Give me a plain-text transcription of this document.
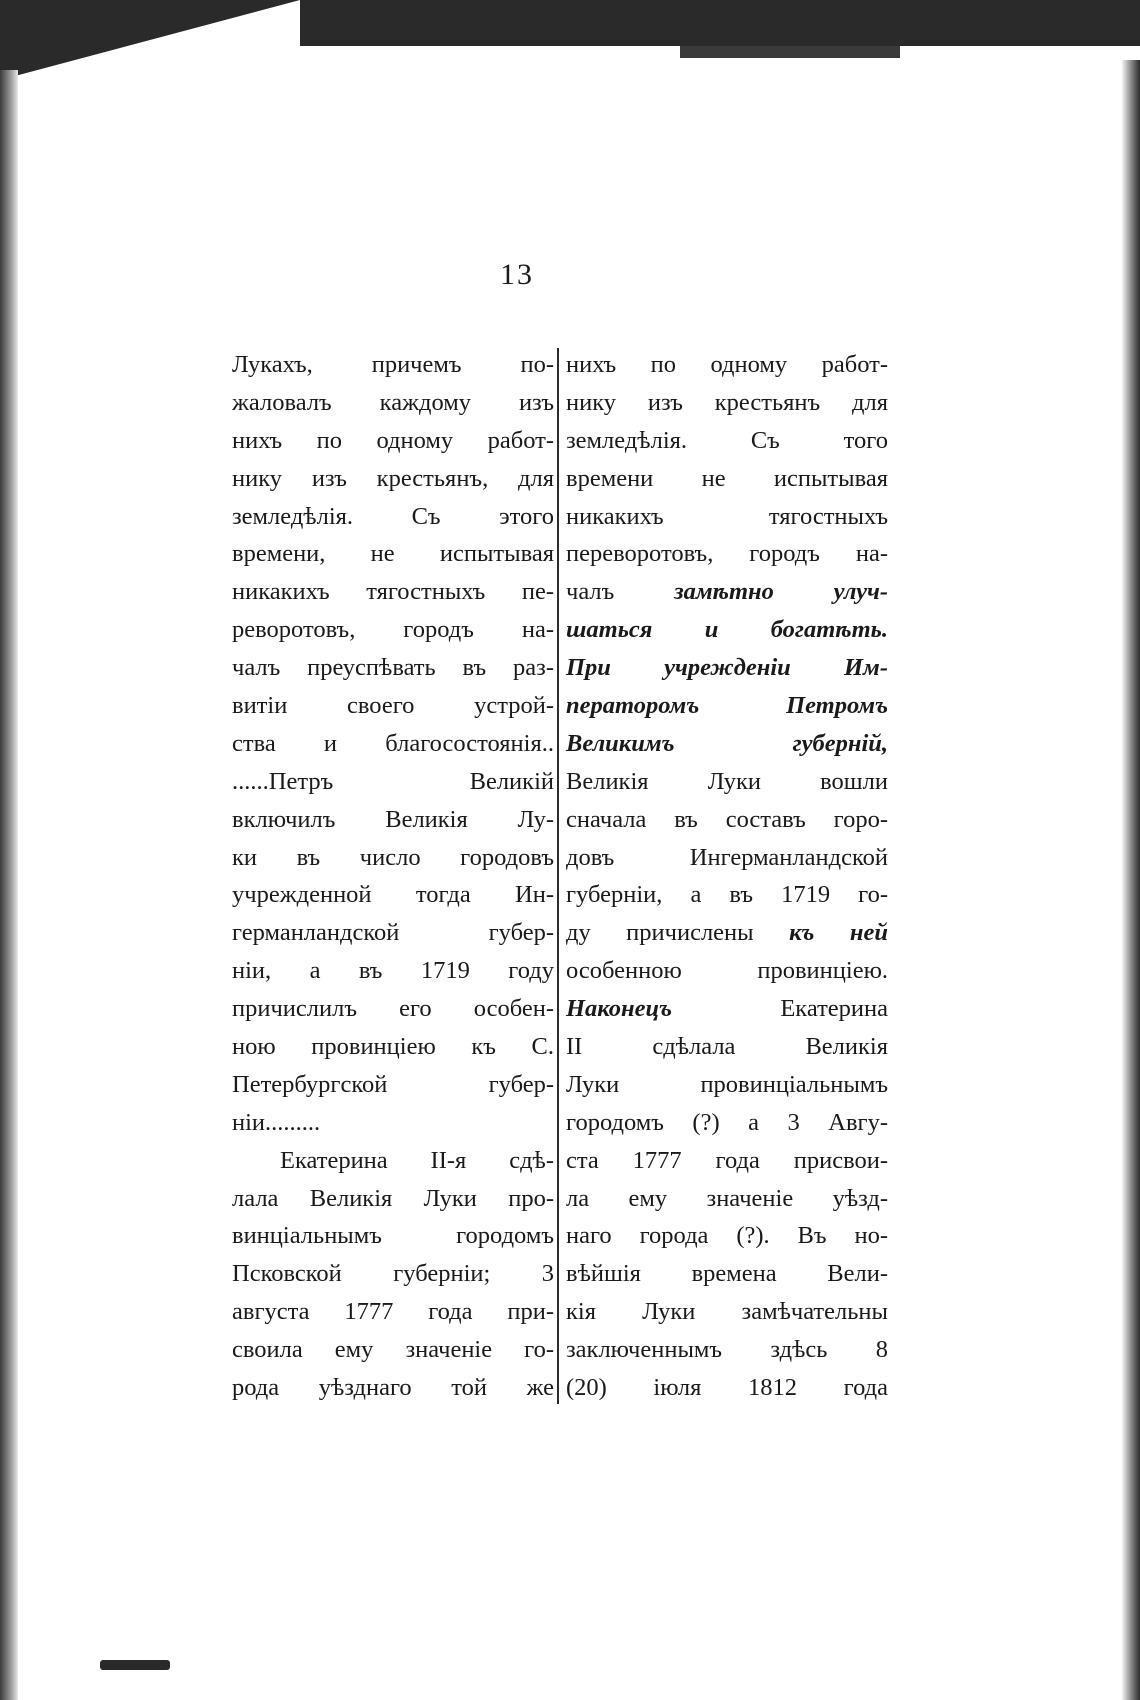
13
Лукахъ, причемъ по-
жаловалъ каждому изъ
нихъ по одному работ-
нику изъ крестьянъ, для
земледѣлія. Съ этого
времени, не испытывая
никакихъ тягостныхъ пе-
реворотовъ, городъ на-
чалъ преуспѣвать въ раз-
витіи своего устрой-
ства и благосостоянія..
......Петръ Великій
включилъ Великія Лу-
ки въ число городовъ
учрежденной тогда Ин-
германландской губер-
ніи, а въ 1719 году
причислилъ его особен-
ною провинціею къ С.
Петербургской губер-
ніи.........
Екатерина II-я сдѣ-
лала Великія Луки про-
винціальнымъ городомъ
Псковской губерніи; 3
августа 1777 года при-
своила ему значеніе го-
рода уѣзднаго той же
нихъ по одному работ-
нику изъ крестьянъ для
земледѣлія. Съ того
времени не испытывая
никакихъ тягостныхъ
переворотовъ, городъ на-
чалъ замѣтно улуч-
шаться и богатѣть.
При учрежденіи Им-
ператоромъ Петромъ
Великимъ губерній,
Великія Луки вошли
сначала въ составъ горо-
довъ Ингерманландской
губерніи, а въ 1719 го-
ду причислены къ ней
особенною провинціею.
Наконецъ Екатерина
II сдѣлала Великія
Луки провинціальнымъ
городомъ (?) а 3 Авгу-
ста 1777 года присвои-
ла ему значеніе уѣзд-
наго города (?). Въ но-
вѣйшія времена Вели-
кія Луки замѣчательны
заключеннымъ здѣсь 8
(20) іюля 1812 года
